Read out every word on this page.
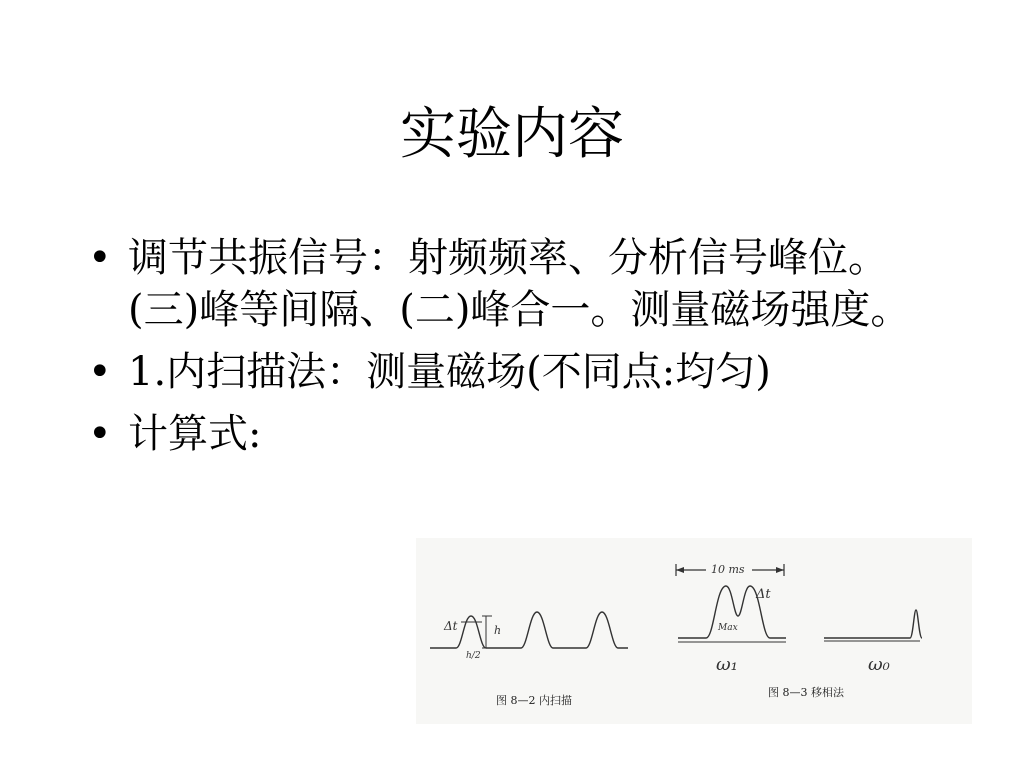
实验内容
• 调节共振信号：射频频率、分析信号峰位。(三)峰等间隔、(二)峰合一。测量磁场强度。
• 1.内扫描法：测量磁场(不同点:均匀)
• 计算式:
Δt	h
h/2
10 ms
Δt
Max
ω₁	ω₀
图 8—2 内扫描
图 8—3 移相法
